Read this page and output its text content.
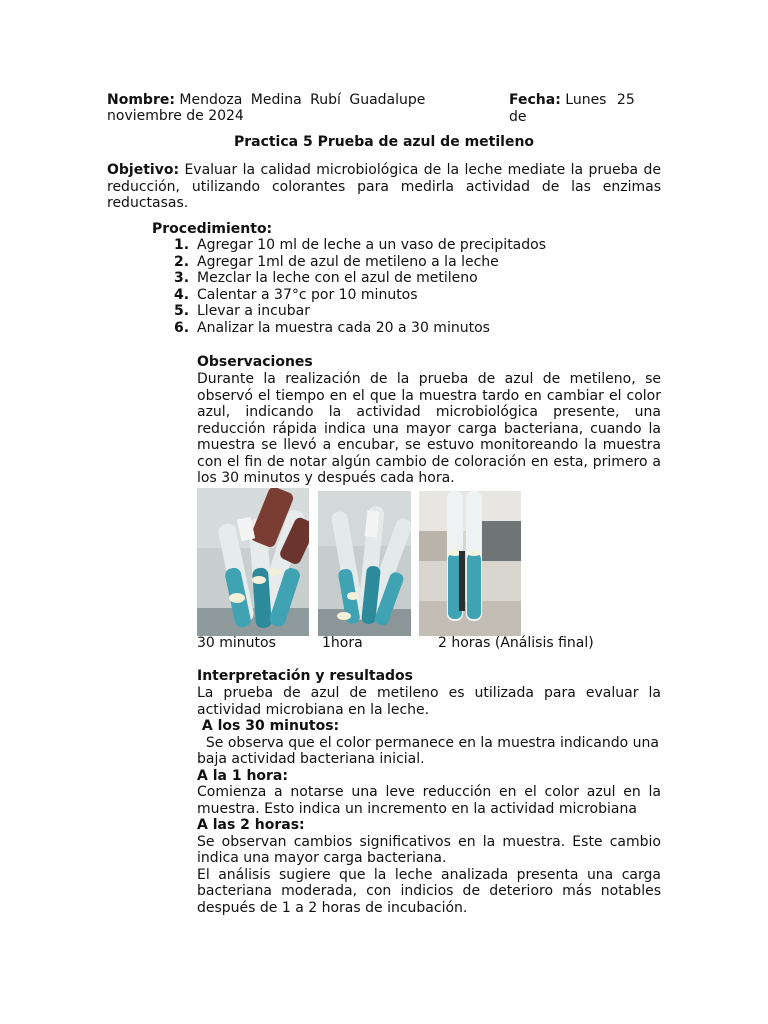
Nombre: Mendoza Medina Rubí Guadalupe	Fecha: Lunes 25 de
noviembre de 2024
Practica 5 Prueba de azul de metileno
Objetivo: Evaluar la calidad microbiológica de la leche mediate la prueba de
reducción, utilizando colorantes para medirla actividad de las enzimas
reductasas.
Procedimiento:
1. Agregar 10 ml de leche a un vaso de precipitados
2. Agregar 1ml de azul de metileno a la leche
3. Mezclar la leche con el azul de metileno
4. Calentar a 37°c por 10 minutos
5. Llevar a incubar
6. Analizar la muestra cada 20 a 30 minutos
Observaciones
Durante la realización de la prueba de azul de metileno, se
observó el tiempo en el que la muestra tardo en cambiar el color
azul, indicando la actividad microbiológica presente, una
reducción rápida indica una mayor carga bacteriana, cuando la
muestra se llevó a encubar, se estuvo monitoreando la muestra
con el fin de notar algún cambio de coloración en esta, primero a
los 30 minutos y después cada hora.
30 minutos	1hora	2 horas (Análisis final)
Interpretación y resultados
La prueba de azul de metileno es utilizada para evaluar la
actividad microbiana en la leche.
A los 30 minutos:
Se observa que el color permanece en la muestra indicando una
baja actividad bacteriana inicial.
A la 1 hora:
Comienza a notarse una leve reducción en el color azul en la
muestra. Esto indica un incremento en la actividad microbiana
A las 2 horas:
Se observan cambios significativos en la muestra. Este cambio
indica una mayor carga bacteriana.
El análisis sugiere que la leche analizada presenta una carga
bacteriana moderada, con indicios de deterioro más notables
después de 1 a 2 horas de incubación.
